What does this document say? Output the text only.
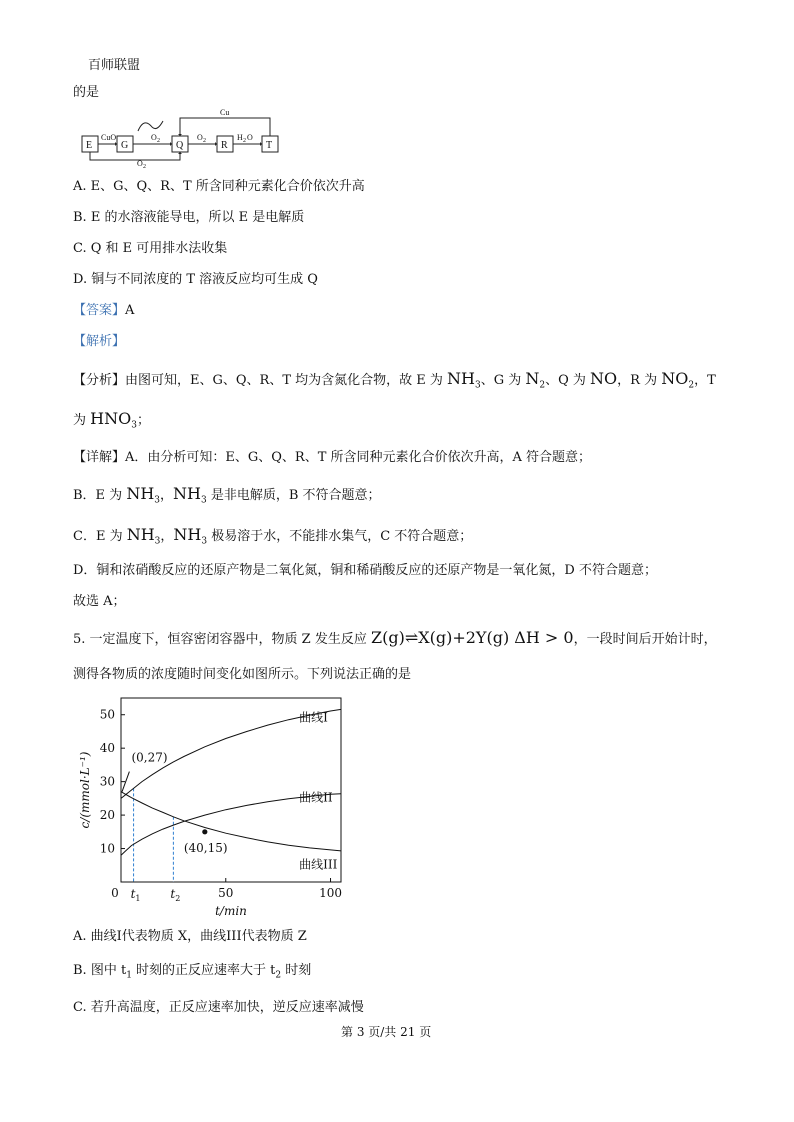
百师联盟
的是
E	G	Q	R	T
CuO	O 2
O 2
O 2	H 2 O
Cu
A. E、G、Q、R、T 所含同种元素化合价依次升高
B. E 的水溶液能导电，所以 E 是电解质
C. Q 和 E 可用排水法收集
D. 铜与不同浓度的 T 溶液反应均可生成 Q
【答案】A
【解析】
【分析】由图可知，E、G、Q、R、T 均为含氮化合物，故 E 为 $NH_3$、G 为 $N_2$、Q 为 NO，R 为 $NO_2$，T
为 $HNO_3$；
【详解】A．由分析可知：E、G、Q、R、T 所含同种元素化合价依次升高，A 符合题意；
B．E 为 $NH_3$，$NH_3$ 是非电解质，B 不符合题意；
C．E 为 $NH_3$，$NH_3$ 极易溶于水，不能排水集气，C 不符合题意；
D．铜和浓硝酸反应的还原产物是二氧化氮，铜和稀硝酸反应的还原产物是一氧化氮，D 不符合题意；
故选 A；
5. 一定温度下，恒容密闭容器中，物质 Z 发生反应 Z(g)⇌X(g)+2Y(g) ΔH > 0，一段时间后开始计时，
测得各物质的浓度随时间变化如图所示。下列说法正确的是
10
20
30
40
50
0	50	100
$t_1$ $t_2$
t/min
c/(mmol·L⁻¹)
曲线I
曲线II
曲线III
(0,27)
(40,15)
A. 曲线I代表物质 X，曲线III代表物质 Z
B. 图中 $t_1$ 时刻的正反应速率大于 $t_2$ 时刻
C. 若升高温度，正反应速率加快，逆反应速率减慢
第 3 页/共 21 页
